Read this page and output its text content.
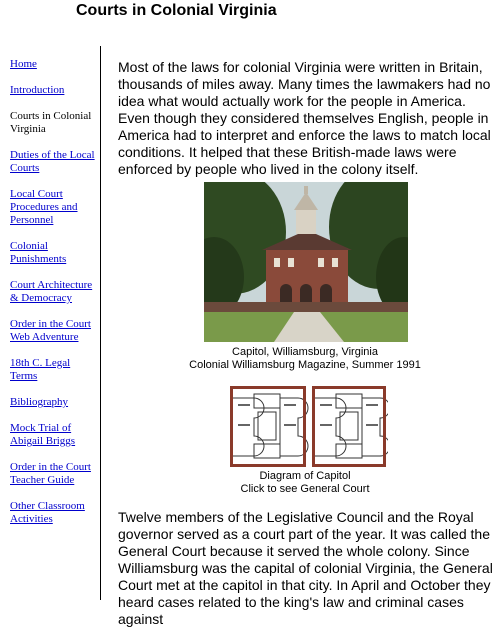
Courts in Colonial Virginia
Home
Introduction
Courts in Colonial Virginia
Duties of the Local Courts
Local Court Procedures and Personnel
Colonial Punishments
Court Architecture & Democracy
Order in the Court Web Adventure
18th C. Legal Terms
Bibliography
Mock Trial of Abigail Briggs
Order in the Court Teacher Guide
Other Classroom Activities

Most of the laws for colonial Virginia were written in Britain, thousands of miles away. Many times the lawmakers had no idea what would actually work for the people in America. Even though they considered themselves English, people in America had to interpret and enforce the laws to match local conditions. It helped that these British-made laws were enforced by people who lived in the colony itself.

Capitol, Williamsburg, Virginia
Colonial Williamsburg Magazine, Summer 1991
Diagram of Capitol
Click to see General Court

Twelve members of the Legislative Council and the Royal governor served as a court part of the year. It was called the General Court because it served the whole colony. Since Williamsburg was the capital of colonial Virginia, the General Court met at the capitol in that city. In April and October they heard cases related to the king's law and criminal cases against
